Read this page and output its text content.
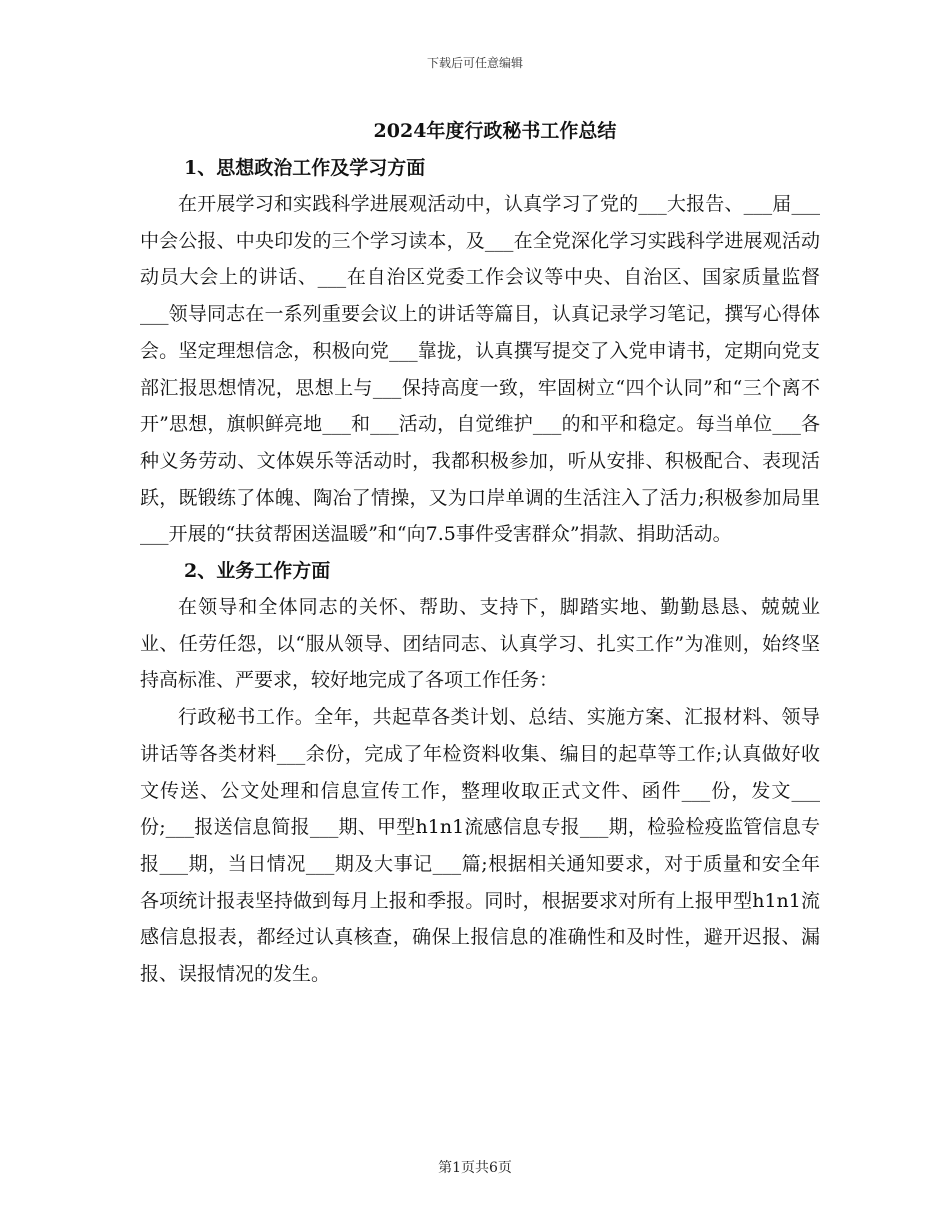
下载后可任意编辑
2024年度行政秘书工作总结
1、思想政治工作及学习方面

在开展学习和实践科学进展观活动中，认真学习了党的___大报告、___届___中会公报、中央印发的三个学习读本，及___在全党深化学习实践科学进展观活动动员大会上的讲话、___在自治区党委工作会议等中央、自治区、国家质量监督___领导同志在一系列重要会议上的讲话等篇目，认真记录学习笔记，撰写心得体会。坚定理想信念，积极向党___靠拢，认真撰写提交了入党申请书，定期向党支部汇报思想情况，思想上与___保持高度一致，牢固树立“四个认同”和“三个离不开”思想，旗帜鲜亮地___和___活动，自觉维护___的和平和稳定。每当单位___各种义务劳动、文体娱乐等活动时，我都积极参加，听从安排、积极配合、表现活跃，既锻练了体魄、陶冶了情操，又为口岸单调的生活注入了活力;积极参加局里___开展的“扶贫帮困送温暖”和“向7.5事件受害群众”捐款、捐助活动。

2、业务工作方面

在领导和全体同志的关怀、帮助、支持下，脚踏实地、勤勤恳恳、兢兢业业、任劳任怨，以“服从领导、团结同志、认真学习、扎实工作”为准则，始终坚持高标准、严要求，较好地完成了各项工作任务：

行政秘书工作。全年，共起草各类计划、总结、实施方案、汇报材料、领导讲话等各类材料___余份，完成了年检资料收集、编目的起草等工作;认真做好收文传送、公文处理和信息宣传工作，整理收取正式文件、函件___份，发文___份;___报送信息简报___期、甲型h1n1流感信息专报___期，检验检疫监管信息专报___期，当日情况___期及大事记___篇;根据相关通知要求，对于质量和安全年各项统计报表坚持做到每月上报和季报。同时，根据要求对所有上报甲型h1n1流感信息报表，都经过认真核查，确保上报信息的准确性和及时性，避开迟报、漏报、误报情况的发生。

第1页共6页
